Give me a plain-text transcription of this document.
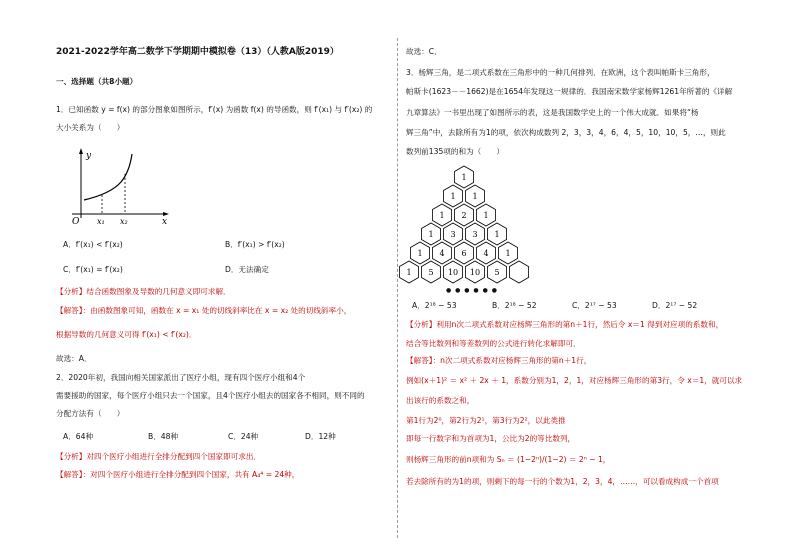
2021-2022学年高二数学下学期期中模拟卷（13）（人教A版2019）
一、选择题（共8小题）
1．已知函数 y = f(x) 的部分图象如图所示，f′(x) 为函数 f(x) 的导函数，则 f′(x₁) 与 f′(x₂) 的
大小关系为（　　）
y
x
O x₁ x₂
A．f′(x₁) < f′(x₂)	B．f′(x₁) > f′(x₂)
C．f′(x₁) = f′(x₂)	D．无法确定
【分析】结合函数图象及导数的几何意义即可求解．
【解答】：由函数图象可知，函数在 x = x₁ 处的切线斜率比在 x = x₂ 处的切线斜率小，
根据导数的几何意义可得 f′(x₁) < f′(x₂)．
故选：A．
2．2020年初，我国向相关国家派出了医疗小组，现有四个医疗小组和4个
需要援助的国家，每个医疗小组只去一个国家，且4个医疗小组去的国家各不相同，则不同的
分配方法有（　　）
A．64种	B．48种	C．24种	D．12种
【分析】对四个医疗小组进行全排分配到四个国家即可求出．
【解答】：对四个医疗小组进行全排分配到四个国家，共有 A₄⁴ = 24种，
故选：C．
3．杨辉三角，是二项式系数在三角形中的一种几何排列．在欧洲，这个表叫帕斯卡三角形，
帕斯卡(1623－－1662)是在1654年发现这一规律的．我国南宋数学家杨辉1261年所著的《详解
九章算法》一书里出现了如图所示的表，这是我国数学史上的一个伟大成就．如果将“杨
辉三角”中，去除所有为1的项，依次构成数列 2，3，3，4，6，4，5，10，10，5，…，则此
数列前135项的和为（　　）
1
1 1
1 2 1
1 3 3 1
1 4 6 4 1
1 5 10 10 5
● ● ● ● ● ●
A．2¹⁸ − 53	B．2¹⁸ − 52	C．2¹⁷ − 53	D．2¹⁷ − 52
【分析】利用n次二项式系数对应杨辉三角形的第n＋1行，然后令 x＝1 得到对应项的系数和，
结合等比数列和等差数列的公式进行转化求解即可．
【解答】：n次二项式系数对应杨辉三角形的第n＋1行，
例如(x＋1)² ＝ x² ＋ 2x ＋ 1，系数分别为1，2，1，对应杨辉三角形的第3行，令 x＝1，就可以求
出该行的系数之和，
第1行为2⁰，第2行为2¹，第3行为2²，以此类推
即每一行数字和为首项为1，公比为2的等比数列，
则杨辉三角形的前n项和为 Sₙ ＝ (1−2ⁿ)/(1−2) ＝ 2ⁿ − 1，
若去除所有的为1的项，则剩下的每一行的个数为1，2，3，4，……，可以看成构成一个首项
